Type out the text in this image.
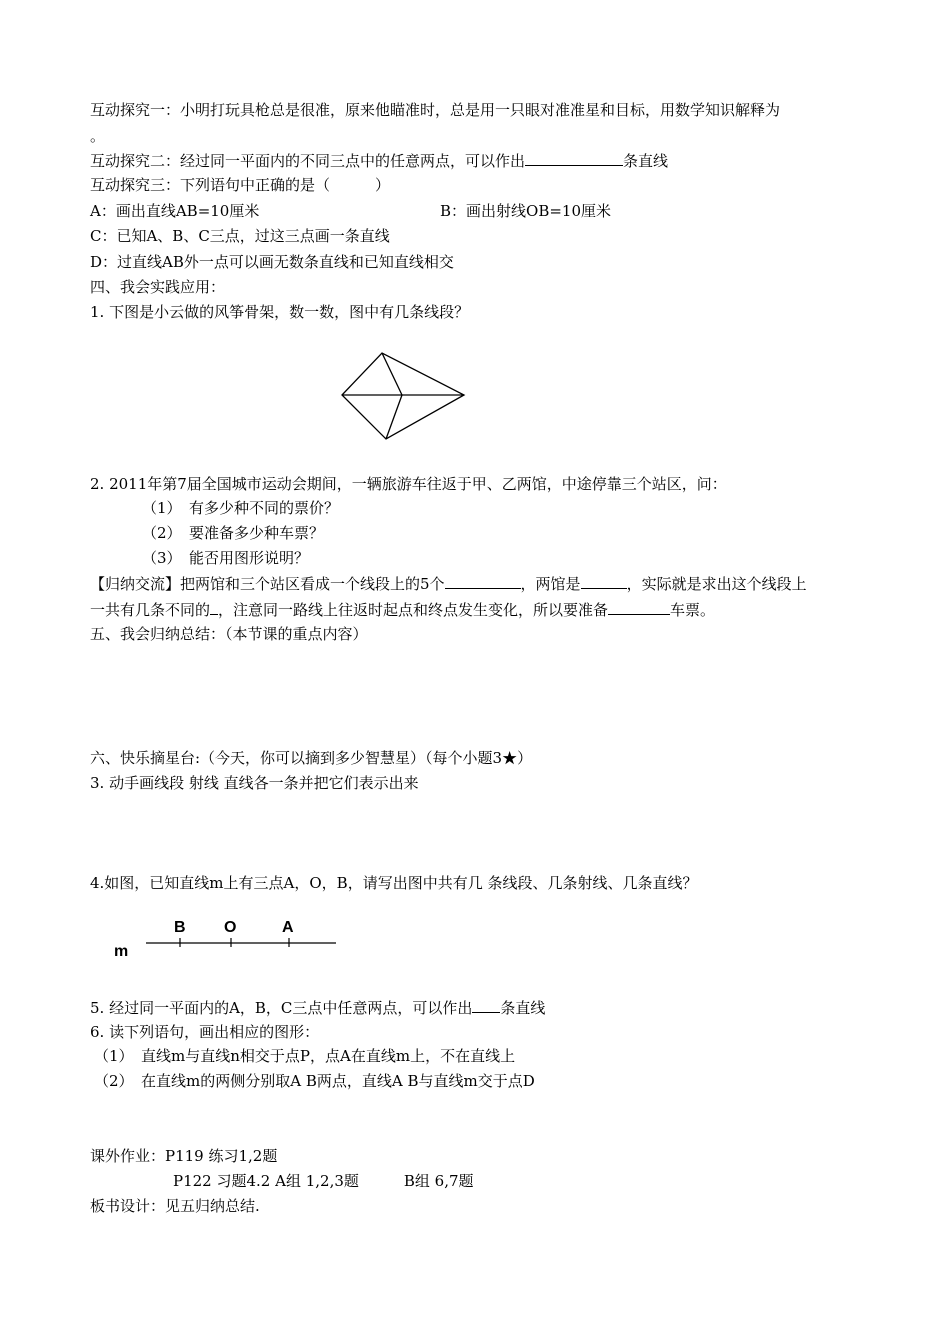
互动探究一：小明打玩具枪总是很准，原来他瞄准时，总是用一只眼对准准星和目标，用数学知识解释为
。
互动探究二：经过同一平面内的不同三点中的任意两点，可以作出	条直线
互动探究三：下列语句中正确的是（　　　）
A：画出直线AB=10厘米	B：画出射线OB=10厘米
C：已知A、B、C三点，过这三点画一条直线
D：过直线AB外一点可以画无数条直线和已知直线相交
四、我会实践应用：
1. 下图是小云做的风筝骨架，数一数，图中有几条线段？
2. 2011年第7届全国城市运动会期间，一辆旅游车往返于甲、乙两馆，中途停靠三个站区，问：
（1）　有多少种不同的票价？
（2）　要准备多少种车票？
（3）　能否用图形说明？
【归纳交流】把两馆和三个站区看成一个线段上的5个	，两馆是	，实际就是求出这个线段上
一共有几条不同的 ，注意同一路线上往返时起点和终点发生变化，所以要准备	车票。
五、我会归纳总结：（本节课的重点内容）
六、快乐摘星台:（今天，你可以摘到多少智慧星）（每个小题3★）
3. 动手画线段 射线 直线各一条并把它们表示出来
4.如图，已知直线m上有三点A，O，B，请写出图中共有几 条线段、几条射线、几条直线？
m
B O	A
5. 经过同一平面内的A，B，C三点中任意两点，可以作出 条直线
6. 读下列语句，画出相应的图形：
（1）　直线m与直线n相交于点P，点A在直线m上，不在直线上
（2）　在直线m的两侧分别取A B两点，直线A B与直线m交于点D
课外作业：P119 练习1,2题
P122 习题4.2 A组 1,2,3题　　　B组 6,7题
板书设计：见五归纳总结.
